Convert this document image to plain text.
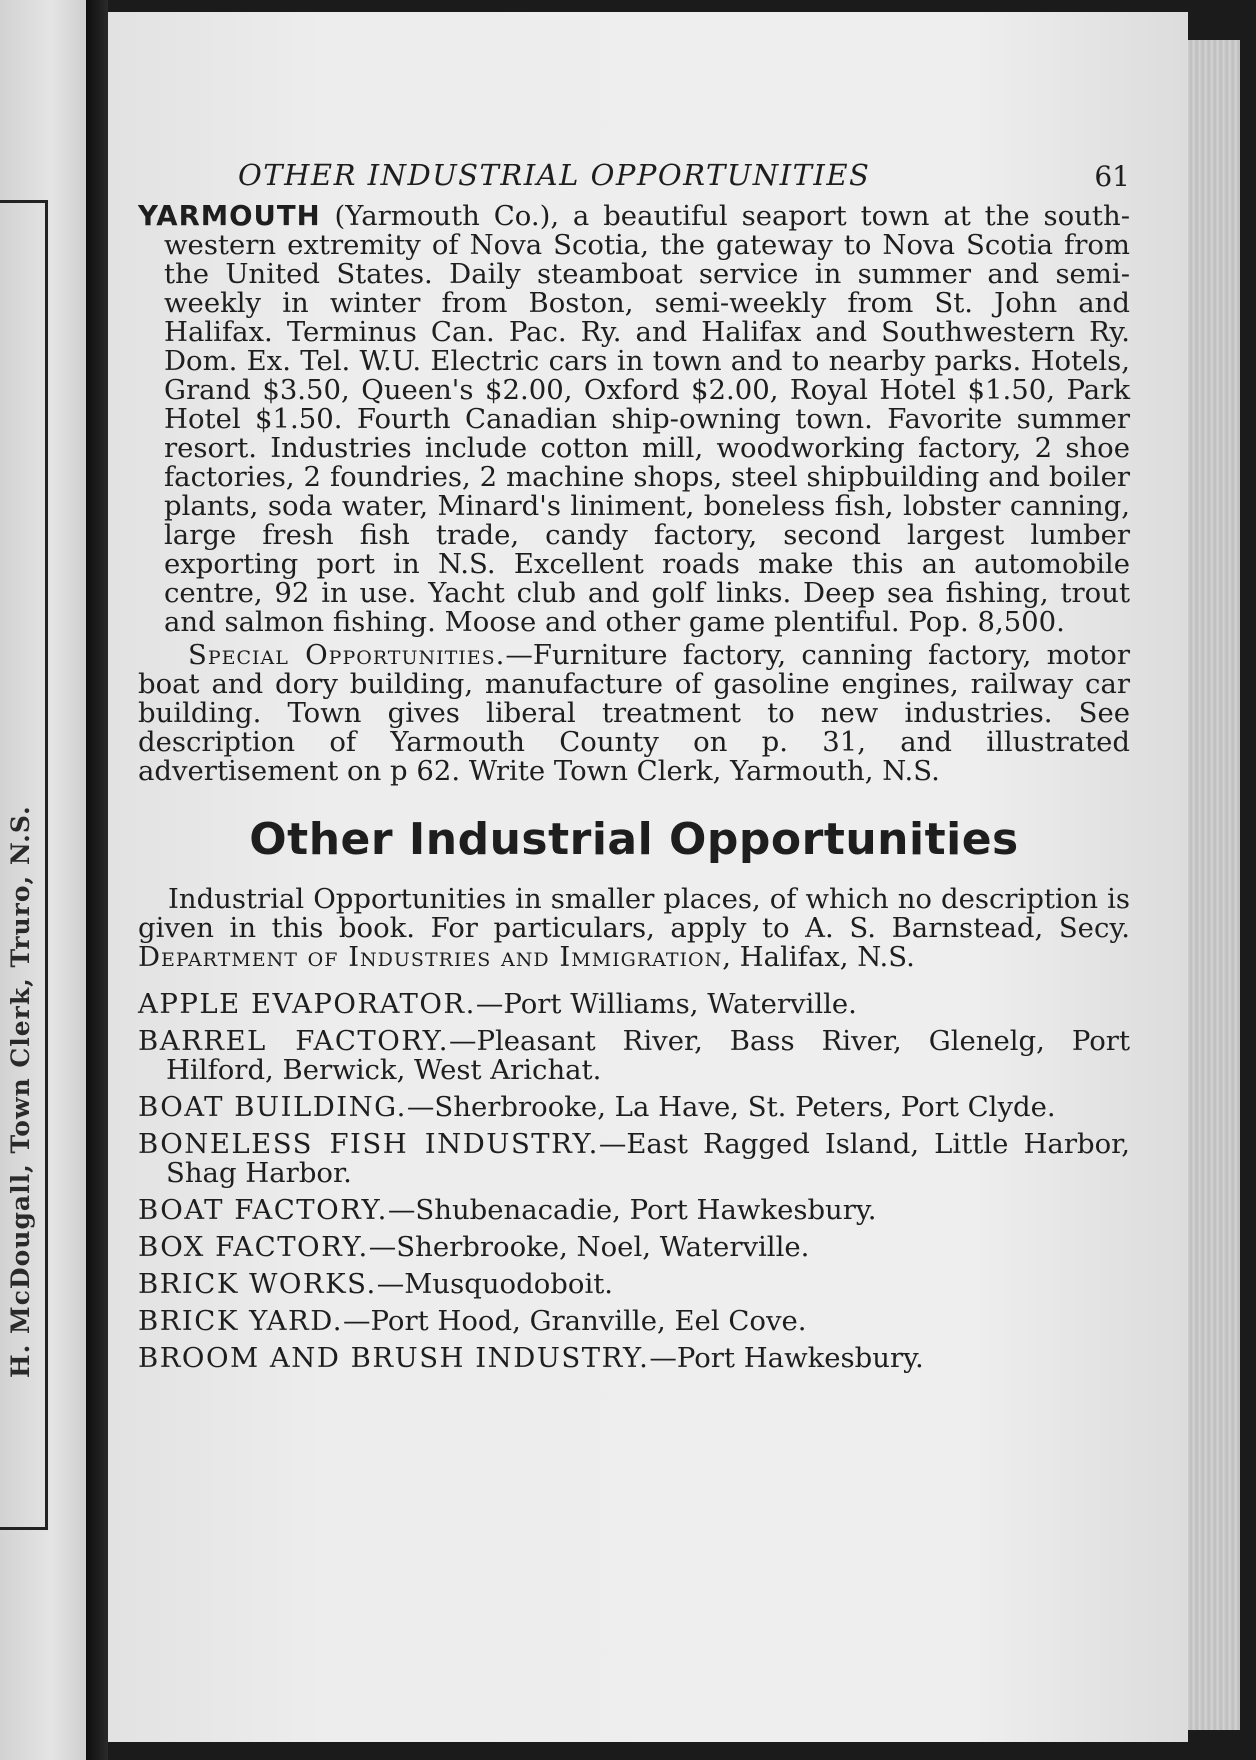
H. McDougall, Town Clerk, Truro, N.S.
OTHER INDUSTRIAL OPPORTUNITIES	61

YARMOUTH (Yarmouth Co.), a beautiful seaport town at the south-western extremity of Nova Scotia, the gateway to Nova Scotia from the United States. Daily steamboat service in summer and semi-weekly in winter from Boston, semi-weekly from St. John and Halifax. Terminus Can. Pac. Ry. and Halifax and Southwestern Ry. Dom. Ex. Tel. W.U. Electric cars in town and to nearby parks. Hotels, Grand $3.50, Queen's $2.00, Oxford $2.00, Royal Hotel $1.50, Park Hotel $1.50. Fourth Canadian ship-owning town. Favorite summer resort. Industries include cotton mill, woodworking factory, 2 shoe factories, 2 foundries, 2 machine shops, steel shipbuilding and boiler plants, soda water, Minard's liniment, boneless fish, lobster canning, large fresh fish trade, candy factory, second largest lumber exporting port in N.S. Excellent roads make this an automobile centre, 92 in use. Yacht club and golf links. Deep sea fishing, trout and salmon fishing. Moose and other game plentiful. Pop. 8,500.

Special Opportunities.—Furniture factory, canning factory, motor boat and dory building, manufacture of gasoline engines, railway car building. Town gives liberal treatment to new industries. See description of Yarmouth County on p. 31, and illustrated advertisement on p 62. Write Town Clerk, Yarmouth, N.S.

Other Industrial Opportunities

Industrial Opportunities in smaller places, of which no description is given in this book. For particulars, apply to A. S. Barnstead, Secy. Department of Industries and Immigration, Halifax, N.S.

APPLE EVAPORATOR.—Port Williams, Waterville.

BARREL FACTORY.—Pleasant River, Bass River, Glenelg, Port Hilford, Berwick, West Arichat.

BOAT BUILDING.—Sherbrooke, La Have, St. Peters, Port Clyde.

BONELESS FISH INDUSTRY.—East Ragged Island, Little Harbor, Shag Harbor.

BOAT FACTORY.—Shubenacadie, Port Hawkesbury.

BOX FACTORY.—Sherbrooke, Noel, Waterville.

BRICK WORKS.—Musquodoboit.

BRICK YARD.—Port Hood, Granville, Eel Cove.

BROOM AND BRUSH INDUSTRY.—Port Hawkesbury.
